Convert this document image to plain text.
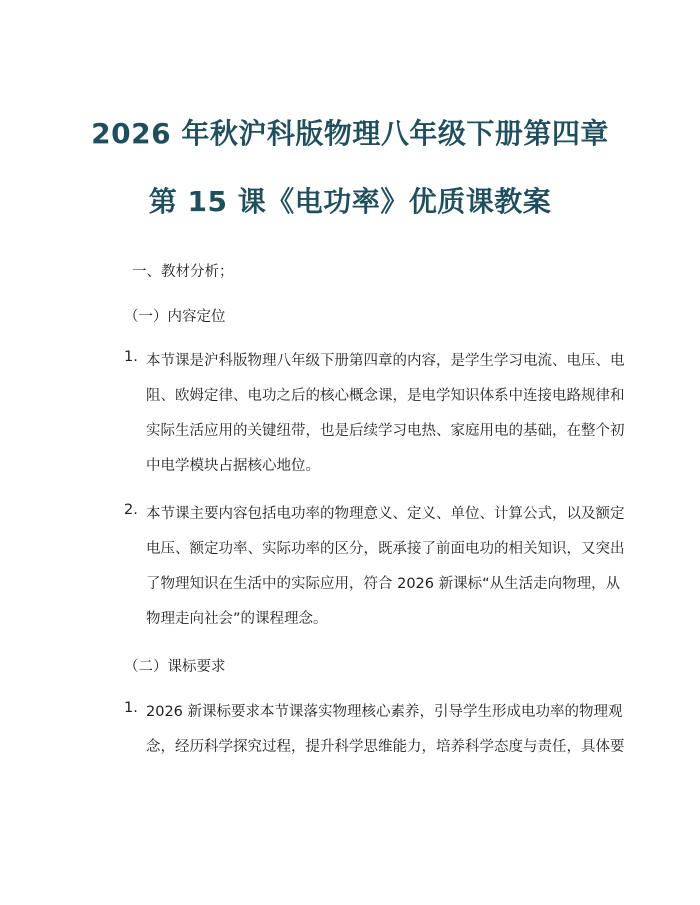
2026 年秋沪科版物理八年级下册第四章
第 15 课《电功率》优质课教案
一、教材分析；
（一）内容定位
1. 本节课是沪科版物理八年级下册第四章的内容，是学生学习电流、电压、电
阻、欧姆定律、电功之后的核心概念课，是电学知识体系中连接电路规律和
实际生活应用的关键纽带，也是后续学习电热、家庭用电的基础，在整个初
中电学模块占据核心地位。
2. 本节课主要内容包括电功率的物理意义、定义、单位、计算公式，以及额定
电压、额定功率、实际功率的区分，既承接了前面电功的相关知识，又突出
了物理知识在生活中的实际应用，符合 2026 新课标“从生活走向物理，从
物理走向社会”的课程理念。
（二）课标要求
1. 2026 新课标要求本节课落实物理核心素养，引导学生形成电功率的物理观
念，经历科学探究过程，提升科学思维能力，培养科学态度与责任，具体要
